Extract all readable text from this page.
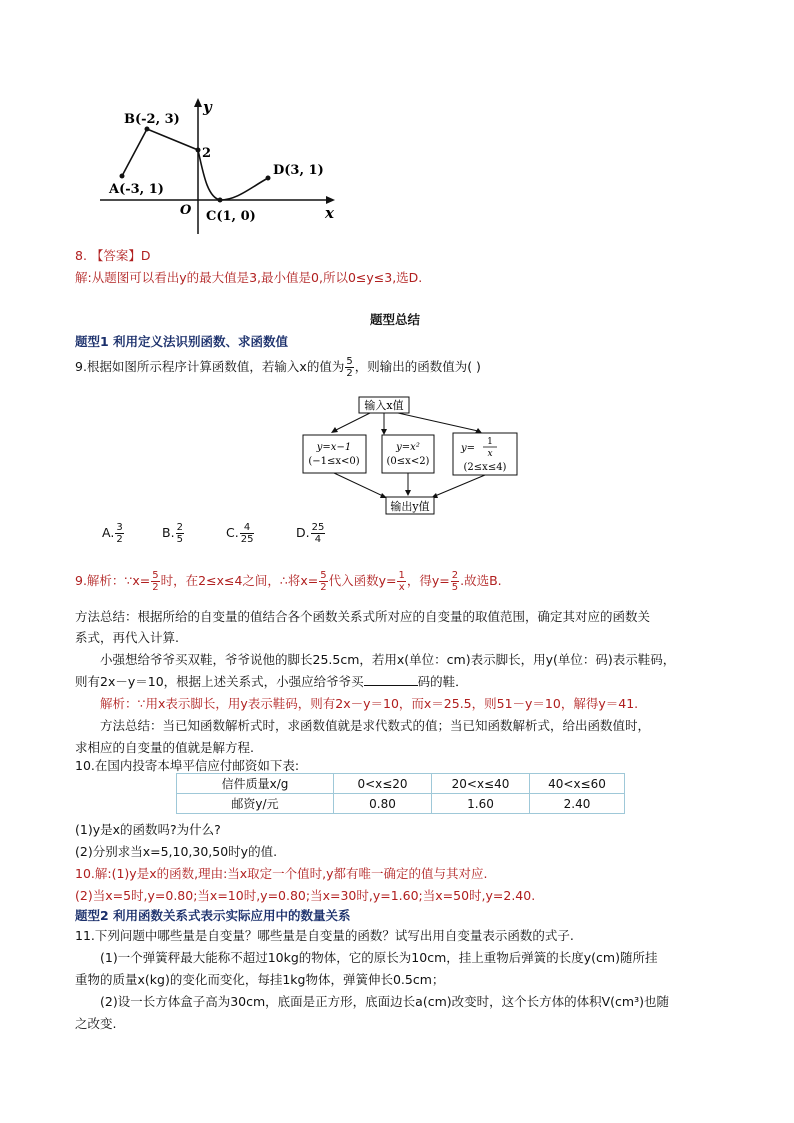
y
x
O
2
B(-2, 3)
A(-3, 1)
C(1, 0)
D(3, 1)
8. 【答案】D
解:从题图可以看出y的最大值是3,最小值是0,所以0≤y≤3,选D.
题型总结
题型1 利用定义法识别函数、求函数值
9.根据如图所示程序计算函数值，若输入x的值为 $\frac{5}{2}$ ，则输出的函数值为( )
输入x值
y=x−1
(−1≤x<0)
y=x²
(0≤x<2)
y=
1
x
(2≤x≤4)
输出y值
A. $\frac{3}{2}$	B. $\frac{2}{5}$	C. $\frac{4}{25}$	D. $\frac{25}{4}$
9.解析：∵x= $\frac{5}{2}$ 时，在2≤x≤4之间，∴将$x= \frac{5}{2}$ 代入函数$y= \frac{1}{x}$ ，得$y= \frac{2}{5}$ .故选B.
方法总结：根据所给的自变量的值结合各个函数关系式所对应的自变量的取值范围，确定其对应的函数关
系式，再代入计算.
小强想给爷爷买双鞋，爷爷说他的脚长25.5cm，若用x(单位：cm)表示脚长，用y(单位：码)表示鞋码，
则有2x－y＝10，根据上述关系式，小强应给爷爷买	码的鞋．
解析：∵用x表示脚长，用y表示鞋码，则有2x－y＝10，而x＝25.5，则51－y＝10，解得y＝41.
方法总结：当已知函数解析式时，求函数值就是求代数式的值；当已知函数解析式，给出函数值时，
求相应的自变量的值就是解方程.
10.在国内投寄本埠平信应付邮资如下表:
信件质量x/g	0<x≤20	20<x≤40	40<x≤60
邮资y/元	0.80	1.60	2.40
(1)y是x的函数吗?为什么?
(2)分别求当x=5,10,30,50时y的值.
10.解:(1)y是x的函数,理由:当x取定一个值时,y都有唯一确定的值与其对应.
(2)当x=5时,y=0.80;当x=10时,y=0.80;当x=30时,y=1.60;当x=50时,y=2.40.
题型2 利用函数关系式表示实际应用中的数量关系
11.下列问题中哪些量是自变量？哪些量是自变量的函数？试写出用自变量表示函数的式子.
(1)一个弹簧秤最大能称不超过10kg的物体，它的原长为10cm，挂上重物后弹簧的长度y(cm)随所挂
重物的质量x(kg)的变化而变化，每挂1kg物体，弹簧伸长0.5cm；
(2)设一长方体盒子高为30cm，底面是正方形，底面边长a(cm)改变时，这个长方体的体积V(cm³)也随
之改变.
